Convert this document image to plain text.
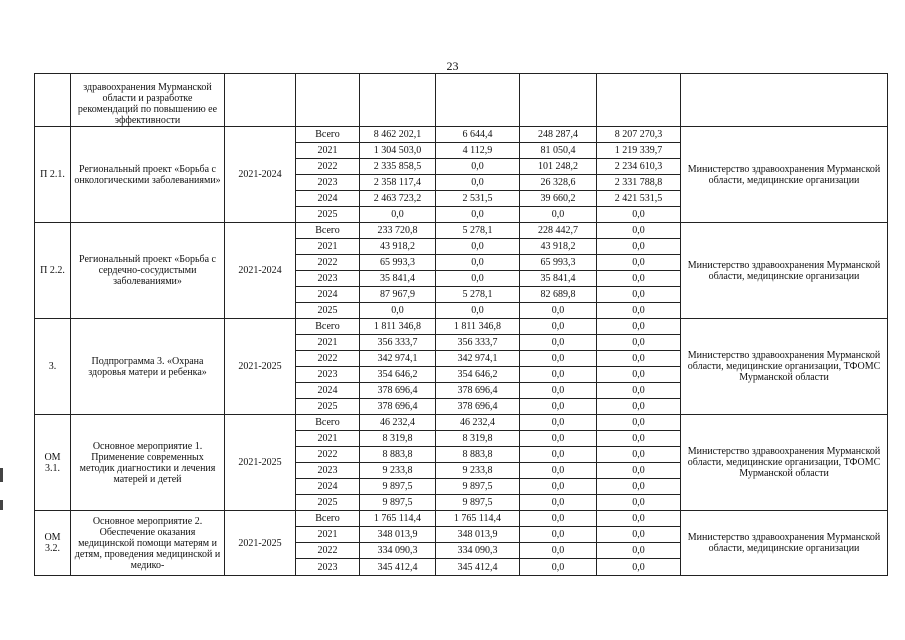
23
	здравоохранения Мурманской области и разработке рекомендаций по повышению ее эффективности							
П 2.1.	Региональный проект «Борьба с онкологическими заболеваниями»	2021-2024	Всего	8 462 202,1	6 644,4	248 287,4	8 207 270,3	Министерство здравоохранения Мурманской области, медицинские организации
			2021	1 304 503,0	4 112,9	81 050,4	1 219 339,7	
			2022	2 335 858,5	0,0	101 248,2	2 234 610,3	
			2023	2 358 117,4	0,0	26 328,6	2 331 788,8	
			2024	2 463 723,2	2 531,5	39 660,2	2 421 531,5	
			2025	0,0	0,0	0,0	0,0	
П 2.2.	Региональный проект «Борьба с сердечно-сосудистыми заболеваниями»	2021-2024	Всего	233 720,8	5 278,1	228 442,7	0,0	Министерство здравоохранения Мурманской области, медицинские организации
			2021	43 918,2	0,0	43 918,2	0,0	
			2022	65 993,3	0,0	65 993,3	0,0	
			2023	35 841,4	0,0	35 841,4	0,0	
			2024	87 967,9	5 278,1	82 689,8	0,0	
			2025	0,0	0,0	0,0	0,0	
3.	Подпрограмма 3. «Охрана здоровья матери и ребенка»	2021-2025	Всего	1 811 346,8	1 811 346,8	0,0	0,0	Министерство здравоохранения Мурманской области, медицинские организации, ТФОМС Мурманской области
			2021	356 333,7	356 333,7	0,0	0,0	
			2022	342 974,1	342 974,1	0,0	0,0	
			2023	354 646,2	354 646,2	0,0	0,0	
			2024	378 696,4	378 696,4	0,0	0,0	
			2025	378 696,4	378 696,4	0,0	0,0	
ОМ 3.1.	Основное мероприятие 1. Применение современных методик диагностики и лечения матерей и детей	2021-2025	Всего	46 232,4	46 232,4	0,0	0,0	Министерство здравоохранения Мурманской области, медицинские организации, ТФОМС Мурманской области
			2021	8 319,8	8 319,8	0,0	0,0	
			2022	8 883,8	8 883,8	0,0	0,0	
			2023	9 233,8	9 233,8	0,0	0,0	
			2024	9 897,5	9 897,5	0,0	0,0	
			2025	9 897,5	9 897,5	0,0	0,0	
ОМ 3.2.	Основное мероприятие 2. Обеспечение оказания медицинской помощи матерям и детям, проведения медицинской и медико-	2021-2025	Всего	1 765 114,4	1 765 114,4	0,0	0,0	Министерство здравоохранения Мурманской области, медицинские организации
			2021	348 013,9	348 013,9	0,0	0,0	
			2022	334 090,3	334 090,3	0,0	0,0	
			2023	345 412,4	345 412,4	0,0	0,0	
